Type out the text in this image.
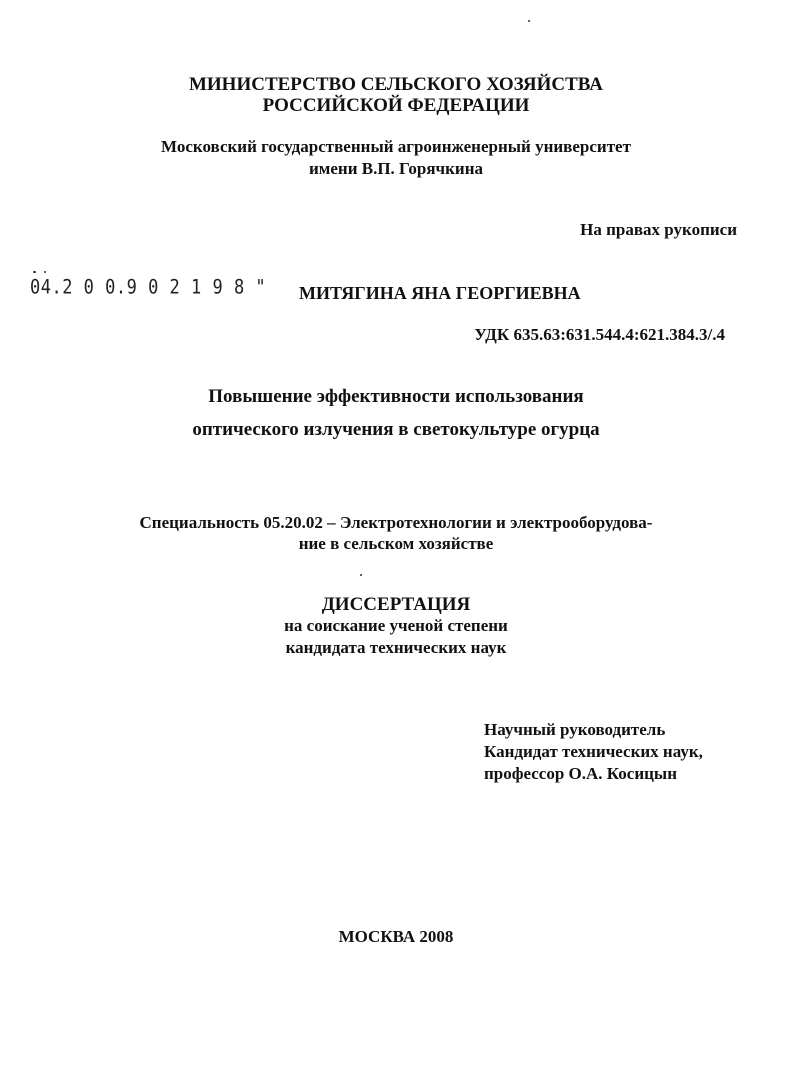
МИНИСТЕРСТВО СЕЛЬСКОГО ХОЗЯЙСТВА
РОССИЙСКОЙ ФЕДЕРАЦИИ
Московский государственный агроинженерный университет
имени В.П. Горячкина
На правах рукописи
04.2 0 0.9 0 2 1 9 8 " МИТЯГИНА ЯНА ГЕОРГИЕВНА
УДК 635.63:631.544.4:621.384.3/.4
Повышение эффективности использования
оптического излучения в светокультуре огурца
Специальность 05.20.02 – Электротехнологии и электрооборудова-
ние в сельском хозяйстве
ДИССЕРТАЦИЯ
на соискание ученой степени
кандидата технических наук
Научный руководитель
Кандидат технических наук,
профессор О.А. Косицын
МОСКВА 2008
